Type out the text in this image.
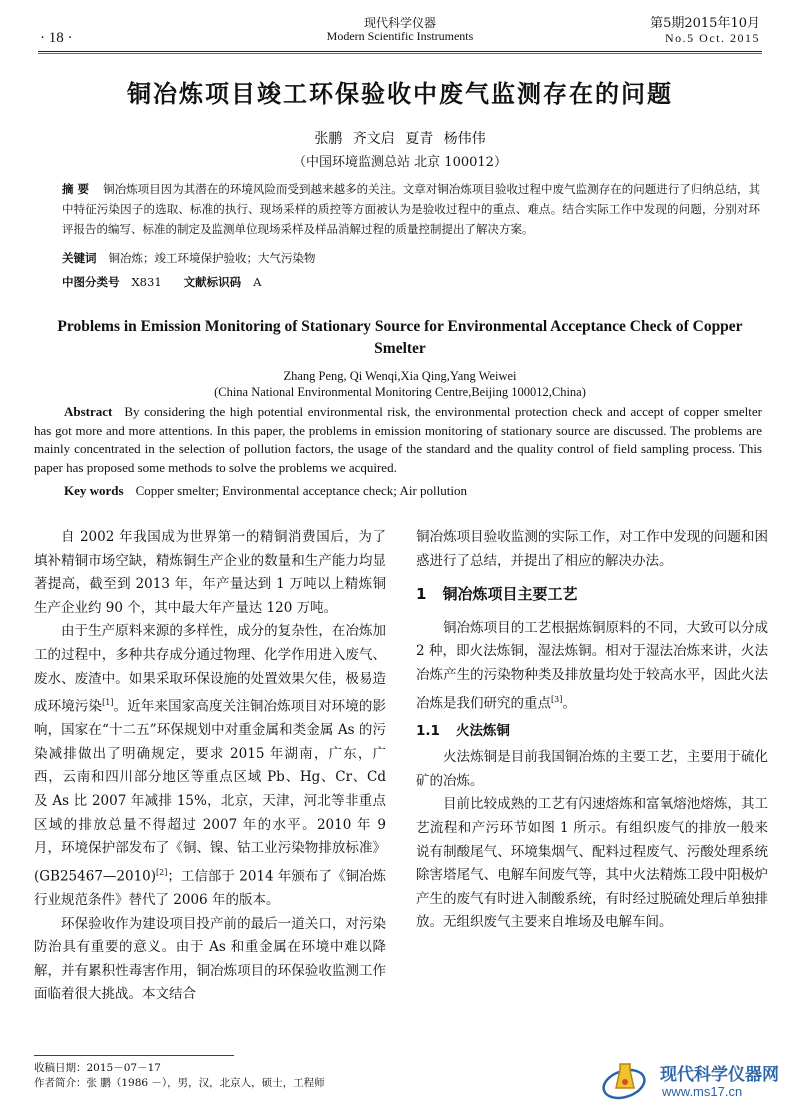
· 18 ·
现代科学仪器
Modern Scientific Instruments
第5期2015年10月
No.5 Oct. 2015
铜冶炼项目竣工环保验收中废气监测存在的问题
张鹏 齐文启 夏青 杨伟伟
（中国环境监测总站 北京 100012）
摘 要 铜冶炼项目因为其潜在的环境风险而受到越来越多的关注。文章对铜冶炼项目验收过程中废气监测存在的问题进行了归纳总结，其中特征污染因子的选取、标准的执行、现场采样的质控等方面被认为是验收过程中的重点、难点。结合实际工作中发现的问题，分别对环评报告的编写、标准的制定及监测单位现场采样及样品消解过程的质量控制提出了解决方案。
关键词 铜冶炼；竣工环境保护验收；大气污染物
中图分类号 X831 文献标识码 A
Problems in Emission Monitoring of Stationary Source for Environmental Acceptance Check of Copper Smelter
Zhang Peng, Qi Wenqi,Xia Qing,Yang Weiwei
(China National Environmental Monitoring Centre,Beijing 100012,China)
Abstract By considering the high potential environmental risk, the environmental protection check and accept of copper smelter has got more and more attentions. In this paper, the problems in emission monitoring of stationary source are discussed. The problems are mainly concentrated in the selection of pollution factors, the usage of the standard and the quality control of field sampling process. This paper has proposed some methods to solve the problems we acquired.
Key words Copper smelter; Environmental acceptance check; Air pollution

自 2002 年我国成为世界第一的精铜消费国后，为了填补精铜市场空缺，精炼铜生产企业的数量和生产能力均显著提高，截至到 2013 年，年产量达到 1 万吨以上精炼铜生产企业约 90 个，其中最大年产量达 120 万吨。

由于生产原料来源的多样性，成分的复杂性，在冶炼加工的过程中，多种共存成分通过物理、化学作用进入废气、废水、废渣中。如果采取环保设施的处置效果欠佳，极易造成环境污染[1]。近年来国家高度关注铜冶炼项目对环境的影响，国家在“十二五”环保规划中对重金属和类金属 As 的污染减排做出了明确规定，要求 2015 年湖南，广东，广西，云南和四川部分地区等重点区域 Pb、Hg、Cr、Cd 及 As 比 2007 年减排 15%，北京，天津，河北等非重点区域的排放总量不得超过 2007 年的水平。2010 年 9 月，环境保护部发布了《铜、镍、钴工业污染物排放标准》(GB25467—2010)[2]；工信部于 2014 年颁布了《铜冶炼行业规范条件》替代了 2006 年的版本。

环保验收作为建设项目投产前的最后一道关口，对污染防治具有重要的意义。由于 As 和重金属在环境中难以降解，并有累积性毒害作用，铜冶炼项目的环保验收监测工作面临着很大挑战。本文结合

铜冶炼项目验收监测的实际工作，对工作中发现的问题和困惑进行了总结，并提出了相应的解决办法。

1 铜冶炼项目主要工艺

铜冶炼项目的工艺根据炼铜原料的不同，大致可以分成 2 种，即火法炼铜，湿法炼铜。相对于湿法冶炼来讲，火法冶炼产生的污染物种类及排放量均处于较高水平，因此火法冶炼是我们研究的重点[3]。

1.1 火法炼铜

火法炼铜是目前我国铜冶炼的主要工艺，主要用于硫化矿的冶炼。

目前比较成熟的工艺有闪速熔炼和富氧熔池熔炼，其工艺流程和产污环节如图 1 所示。有组织废气的排放一般来说有制酸尾气、环境集烟气、配料过程废气、污酸处理系统除害塔尾气、电解车间废气等，其中火法精炼工段中阳极炉产生的废气有时进入制酸系统，有时经过脱硫处理后单独排放。无组织废气主要来自堆场及电解车间。

收稿日期：2015－07－17
作者简介：张 鹏（1986 －），男，汉，北京人，硕士，工程师	现代科学仪器网
www.ms17.cn
